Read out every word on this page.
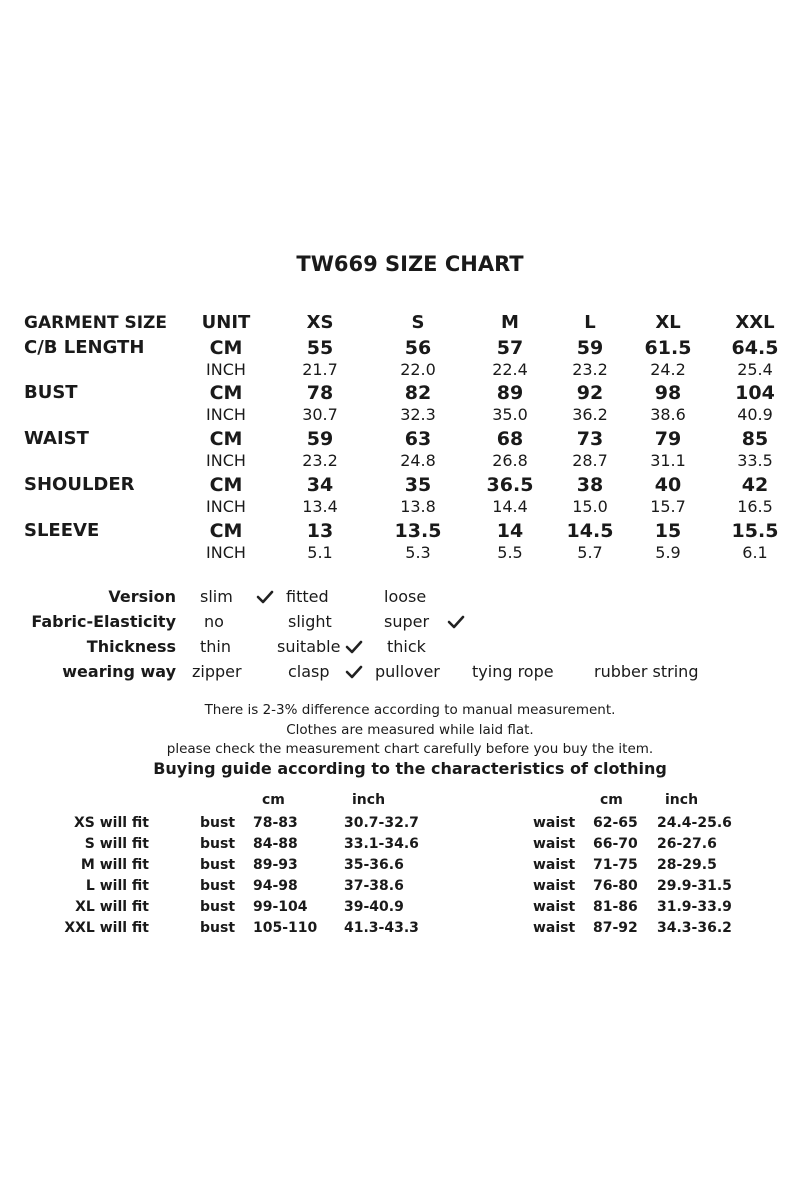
TW669 SIZE CHART
GARMENT SIZE	UNIT	XS	S	M	L	XL	XXL
C/B LENGTH	CM	55	56	57	59	61.5	64.5
INCH	21.7	22.0	22.4	23.2	24.2	25.4
BUST	CM	78	82	89	92	98	104
INCH	30.7	32.3	35.0	36.2	38.6	40.9
WAIST	CM	59	63	68	73	79	85
INCH	23.2	24.8	26.8	28.7	31.1	33.5
SHOULDER	CM	34	35	36.5	38	40	42
INCH	13.4	13.8	14.4	15.0	15.7	16.5
SLEEVE	CM	13	13.5	14	14.5	15	15.5
INCH	5.1	5.3	5.5	5.7	5.9	6.1
Version slim	fitted	loose
Fabric-Elasticity no	slight	super
Thickness thin	suitable	thick
wearing way zipper	clasp	pullover tying rope	rubber string
There is 2-3% difference according to manual measurement.
Clothes are measured while laid flat.
please check the measurement chart carefully before you buy the item.
Buying guide according to the characteristics of clothing
cm	inch	cm	inch
XS will fit	bust 78-83	30.7-32.7	waist 62-65 24.4-25.6
S will fit	bust 84-88	33.1-34.6	waist 66-70 26-27.6
M will fit	bust 89-93	35-36.6	waist 71-75 28-29.5
L will fit	bust 94-98	37-38.6	waist 76-80 29.9-31.5
XL will fit	bust 99-104	39-40.9	waist 81-86 31.9-33.9
XXL will fit	bust 105-110 41.3-43.3	waist 87-92 34.3-36.2
